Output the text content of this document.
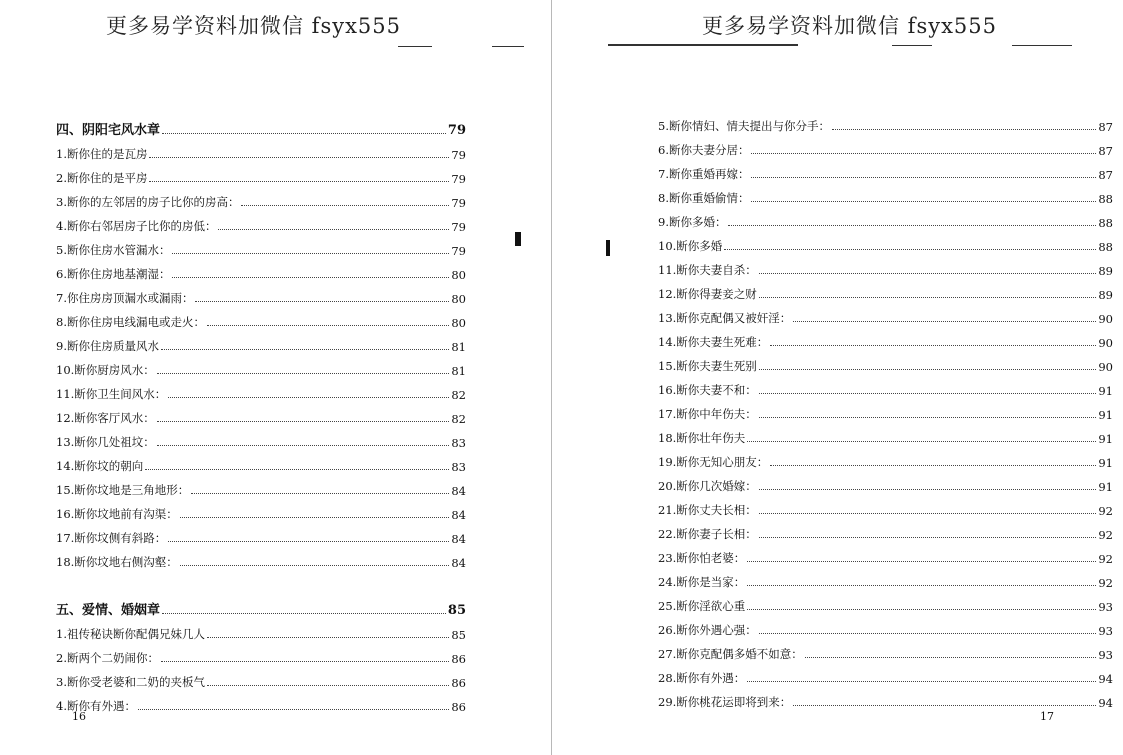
更多易学资料加微信 fsyx555
四、阴阳宅风水章	79
1.断你住的是瓦房	79
2.断你住的是平房	79
3.断你的左邻居的房子比你的房高：	79
4.断你右邻居房子比你的房低：	79
5.断你住房水管漏水：	79
6.断你住房地基潮湿：	80
7.你住房房顶漏水或漏雨：	80
8.断你住房电线漏电或走火：	80
9.断你住房质量风水	81
10.断你厨房风水：	81
11.断你卫生间风水：	82
12.断你客厅风水：	82
13.断你几处祖坟：	83
14.断你坟的朝向	83
15.断你坟地是三角地形：	84
16.断你坟地前有沟渠：	84
17.断你坟侧有斜路：	84
18.断你坟地右侧沟壑：	84
五、爱情、婚姻章	85
1.祖传秘诀断你配偶兄妹几人	85
2.断两个二奶闹你：	86
3.断你受老婆和二奶的夹板气	86
4.断你有外遇：	86
16
更多易学资料加微信 fsyx555
5.断你情妇、情夫提出与你分手：	87
6.断你夫妻分居：	87
7.断你重婚再嫁：	87
8.断你重婚偷情：	88
9.断你多婚：	88
10.断你多婚	88
11.断你夫妻自杀：	89
12.断你得妻妾之财	89
13.断你克配偶又被奸淫：	90
14.断你夫妻生死难：	90
15.断你夫妻生死别	90
16.断你夫妻不和：	91
17.断你中年伤夫：	91
18.断你壮年伤夫	91
19.断你无知心朋友：	91
20.断你几次婚嫁：	91
21.断你丈夫长相：	92
22.断你妻子长相：	92
23.断你怕老婆：	92
24.断你是当家：	92
25.断你淫欲心重	93
26.断你外遇心强：	93
27.断你克配偶多婚不如意：	93
28.断你有外遇：	94
29.断你桃花运即将到来：	94
17
